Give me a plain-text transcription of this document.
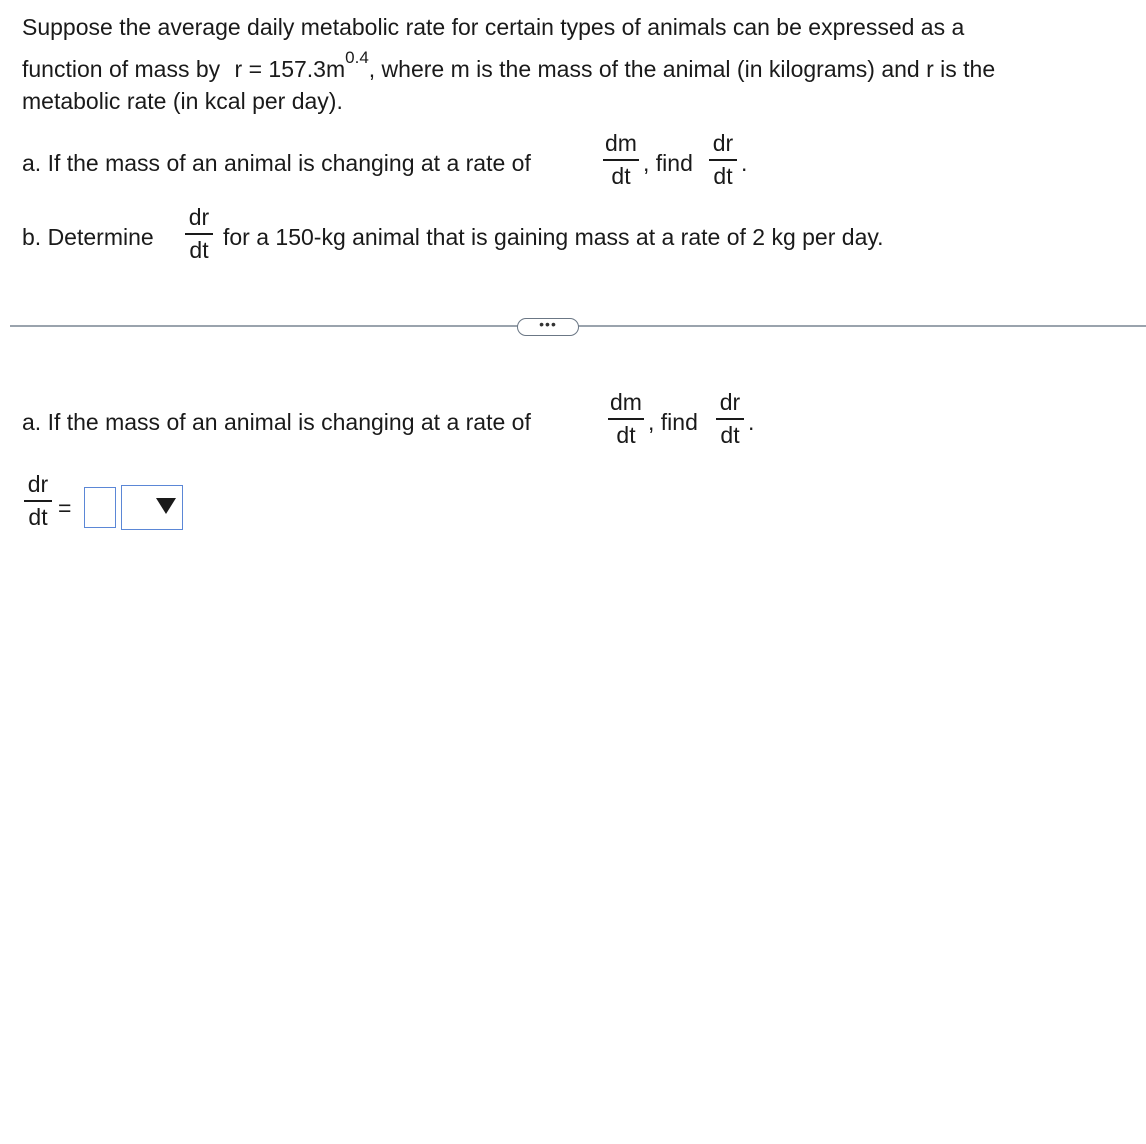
Suppose the average daily metabolic rate for certain types of animals can be expressed as a
function of mass by $r = 157.3m^{0.4}$, where m is the mass of the animal (in kilograms) and r is the
metabolic rate (in kcal per day).
a. If the mass of an animal is changing at a rate of
dm
dt , find
dr
dt .
b. Determine
dr
dt for a 150-kg animal that is gaining mass at a rate of 2 kg per day.
•••
a. If the mass of an animal is changing at a rate of
dm
dt , find
dr
dt .
dr
dt =
